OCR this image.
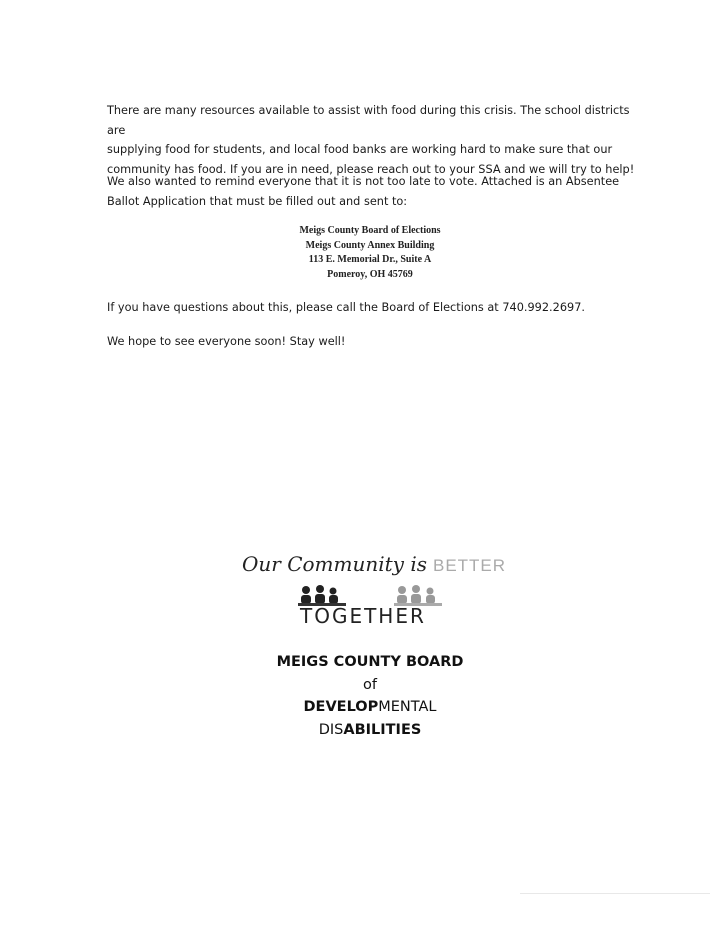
There are many resources available to assist with food during this crisis. The school districts are
supplying food for students, and local food banks are working hard to make sure that our
community has food. If you are in need, please reach out to your SSA and we will try to help!

We also wanted to remind everyone that it is not too late to vote. Attached is an Absentee
Ballot Application that must be filled out and sent to:

Meigs County Board of Elections
Meigs County Annex Building
113 E. Memorial Dr., Suite A
Pomeroy, OH 45769

If you have questions about this, please call the Board of Elections at 740.992.2697.

We hope to see everyone soon! Stay well!

Our Community is BETTER
TOGETHER
MEIGS COUNTY BOARD
of
DEVELOPMENTAL
DISABILITIES
